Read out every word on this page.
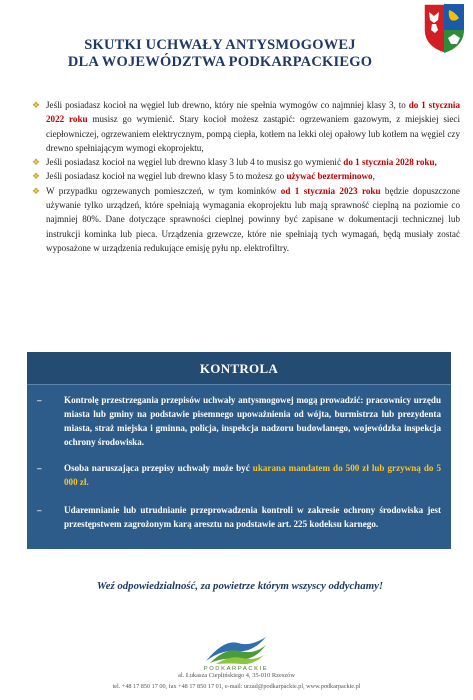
SKUTKI UCHWAŁY ANTYSMOGOWEJ
DLA WOJEWÓDZTWA PODKARPACKIEGO
❖ Jeśli posiadasz kocioł na węgiel lub drewno, który nie spełnia wymogów co najmniej klasy 3, to do 1 stycznia 2022 roku musisz go wymienić. Stary kocioł możesz zastąpić: ogrzewaniem gazowym, z miejskiej sieci ciepłowniczej, ogrzewaniem elektrycznym, pompą ciepła, kotłem na lekki olej opałowy lub kotłem na węgiel czy drewno spełniającym wymogi ekoprojektu,
❖ Jeśli posiadasz kocioł na węgiel lub drewno klasy 3 lub 4 to musisz go wymienić do 1 stycznia 2028 roku,
❖ Jeśli posiadasz kocioł na węgiel lub drewno klasy 5 to możesz go używać bezterminowo,
❖ W przypadku ogrzewanych pomieszczeń, w tym kominków od 1 stycznia 2023 roku będzie dopuszczone używanie tylko urządzeń, które spełniają wymagania ekoprojektu lub mają sprawność cieplną na poziomie co najmniej 80%. Dane dotyczące sprawności cieplnej powinny być zapisane w dokumentacji technicznej lub instrukcji kominka lub pieca. Urządzenia grzewcze, które nie spełniają tych wymagań, będą musiały zostać wyposażone w urządzenia redukujące emisję pyłu np. elektrofiltry.
KONTROLA
– Kontrolę przestrzegania przepisów uchwały antysmogowej mogą prowadzić: pracownicy urzędu miasta lub gminy na podstawie pisemnego upoważnienia od wójta, burmistrza lub prezydenta miasta, straż miejska i gminna, policja, inspekcja nadzoru budowlanego, wojewódzka inspekcja ochrony środowiska.
– Osoba naruszająca przepisy uchwały może być ukarana mandatem do 500 zł lub grzywną do 5 000 zł.
– Udaremnianie lub utrudnianie przeprowadzenia kontroli w zakresie ochrony środowiska jest przestępstwem zagrożonym karą aresztu na podstawie art. 225 kodeksu karnego.
Weź odpowiedzialność, za powietrze którym wszyscy oddychamy!
PODKARPACKIE
al. Łukasza Cieplińskiego 4, 35-010 Rzeszów
tel. +48 17 850 17 00, fax +48 17 850 17 01, e-mail: urzad@podkarpackie.pl, www.podkarpackie.pl
